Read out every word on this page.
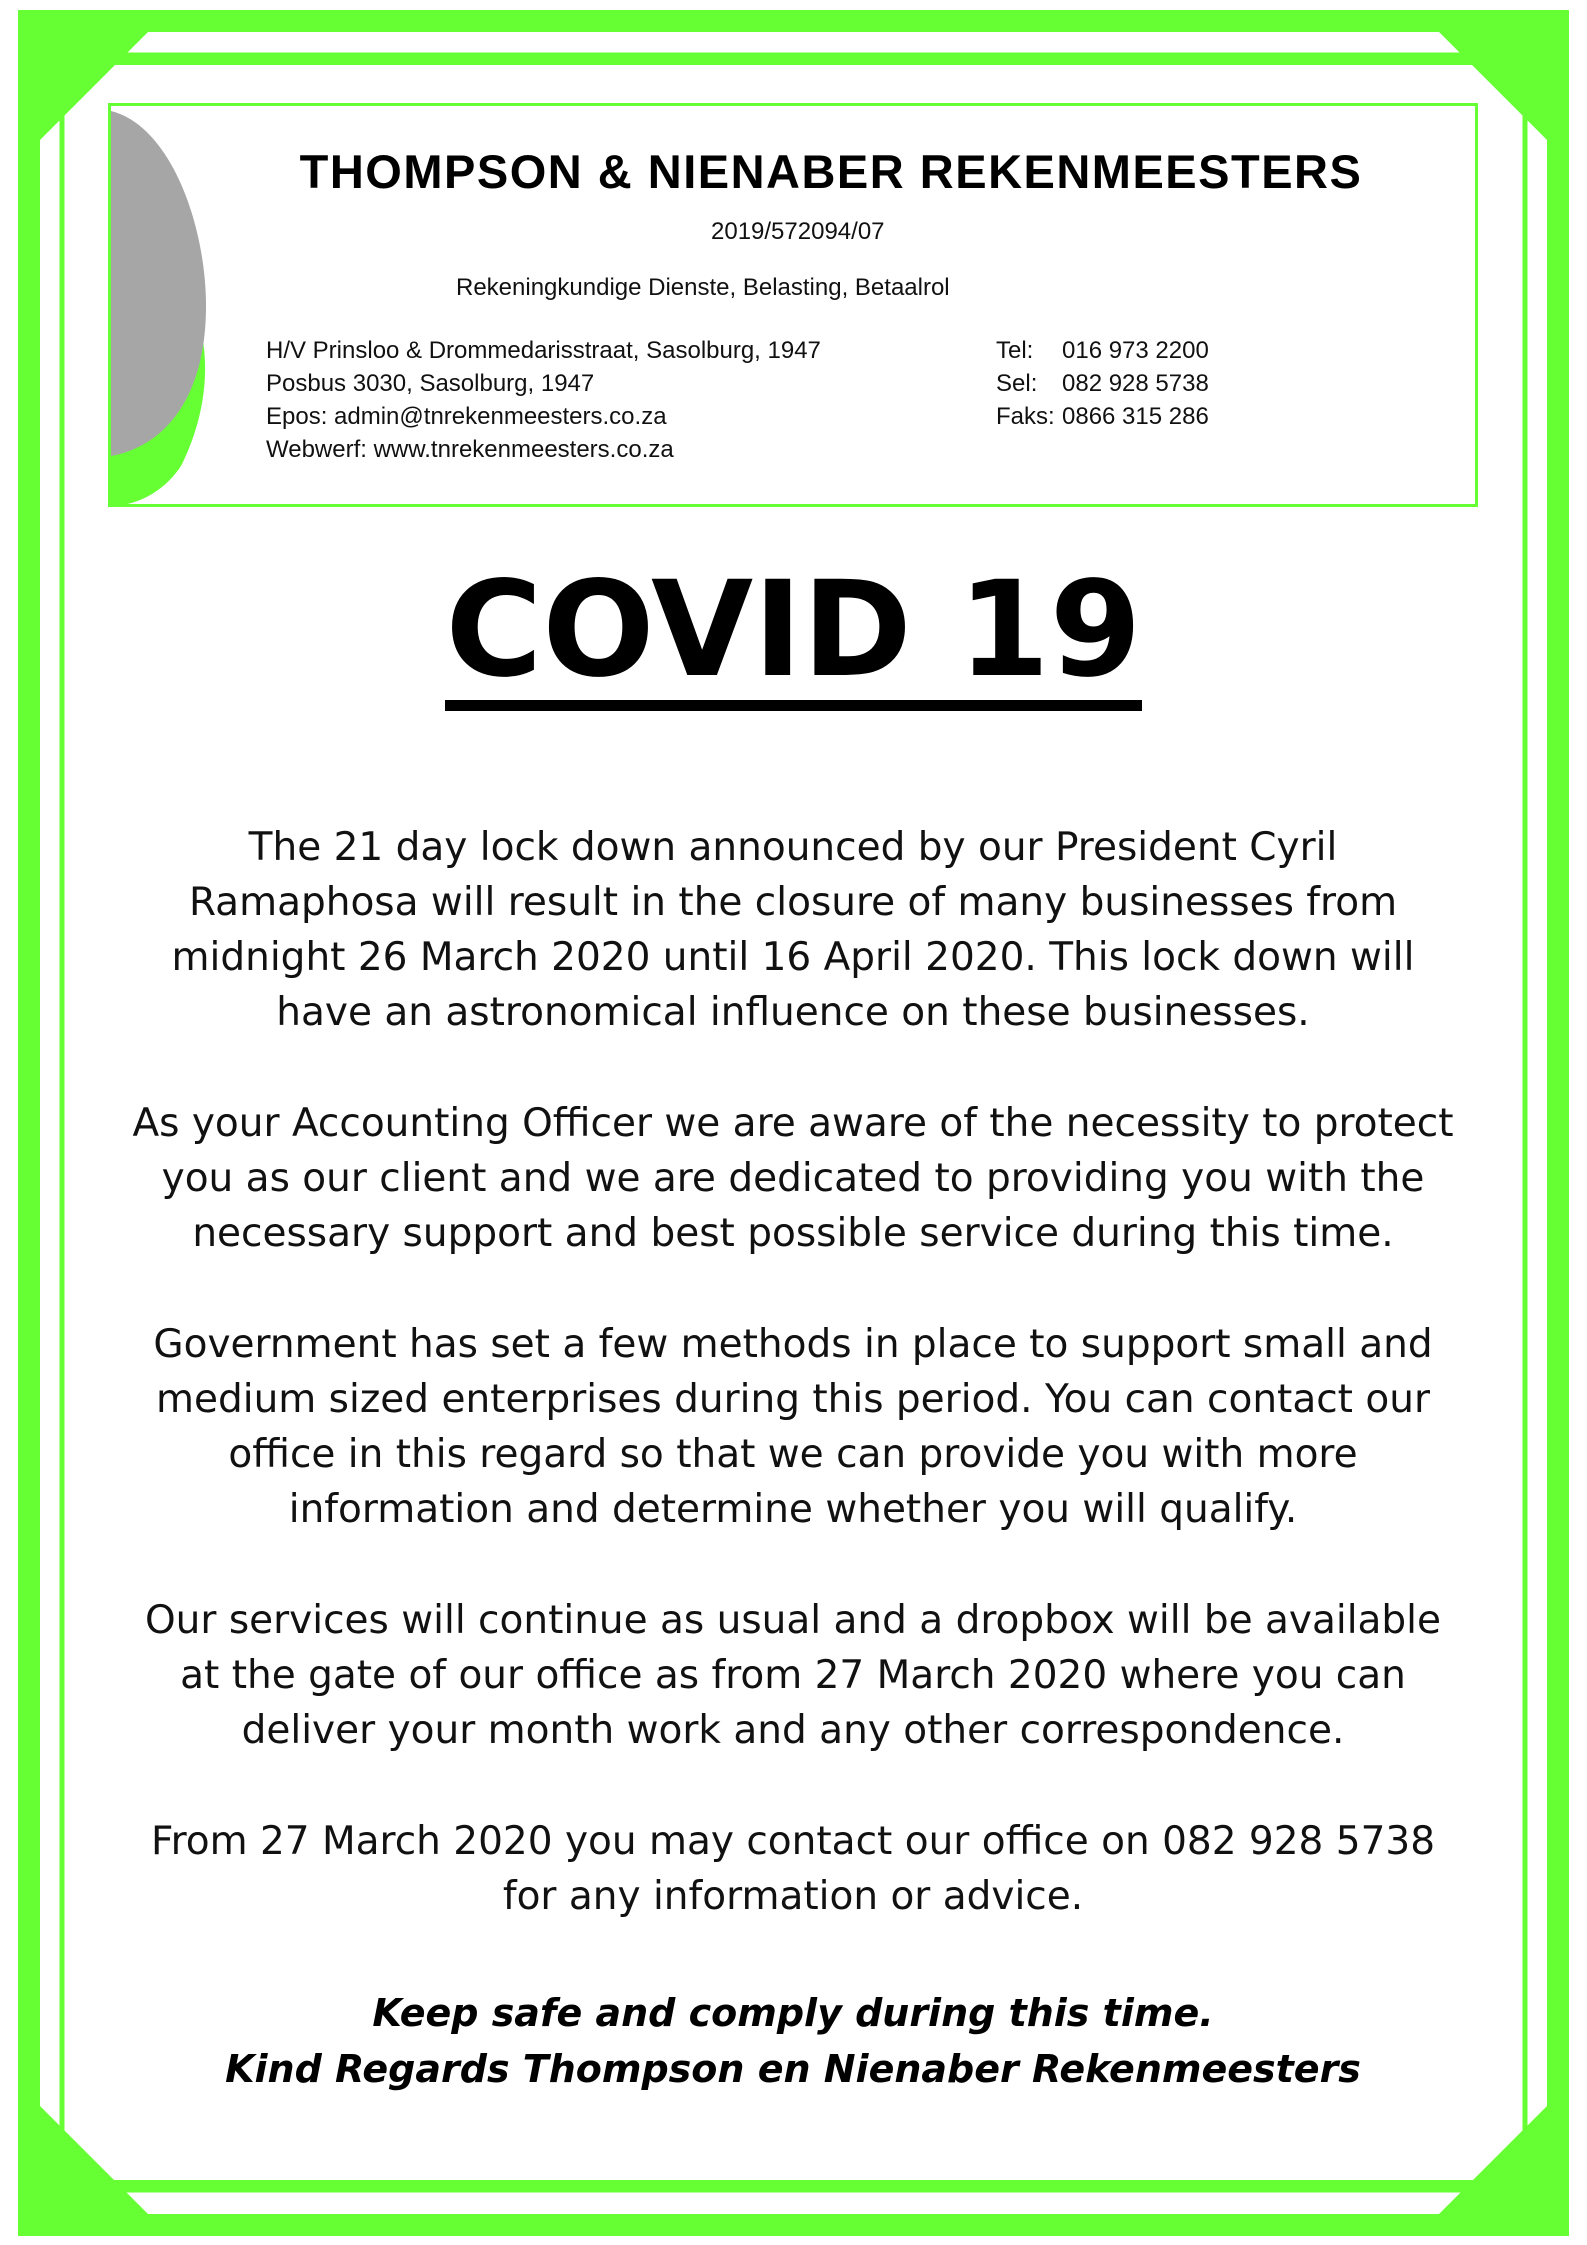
THOMPSON & NIENABER REKENMEESTERS
2019/572094/07
Rekeningkundige Dienste, Belasting, Betaalrol
H/V Prinsloo & Drommedarisstraat, Sasolburg, 1947
Posbus 3030, Sasolburg, 1947
Epos: admin@tnrekenmeesters.co.za
Webwerf: www.tnrekenmeesters.co.za
Tel: 016 973 2200
Sel: 082 928 5738
Faks: 0866 315 286
COVID 19

The 21 day lock down announced by our President Cyril
Ramaphosa will result in the closure of many businesses from
midnight 26 March 2020 until 16 April 2020. This lock down will
have an astronomical influence on these businesses.

As your Accounting Officer we are aware of the necessity to protect
you as our client and we are dedicated to providing you with the
necessary support and best possible service during this time.

Government has set a few methods in place to support small and
medium sized enterprises during this period. You can contact our
office in this regard so that we can provide you with more
information and determine whether you will qualify.

Our services will continue as usual and a dropbox will be available
at the gate of our office as from 27 March 2020 where you can
deliver your month work and any other correspondence.

From 27 March 2020 you may contact our office on 082 928 5738
for any information or advice.

Keep safe and comply during this time.
Kind Regards Thompson en Nienaber Rekenmeesters
